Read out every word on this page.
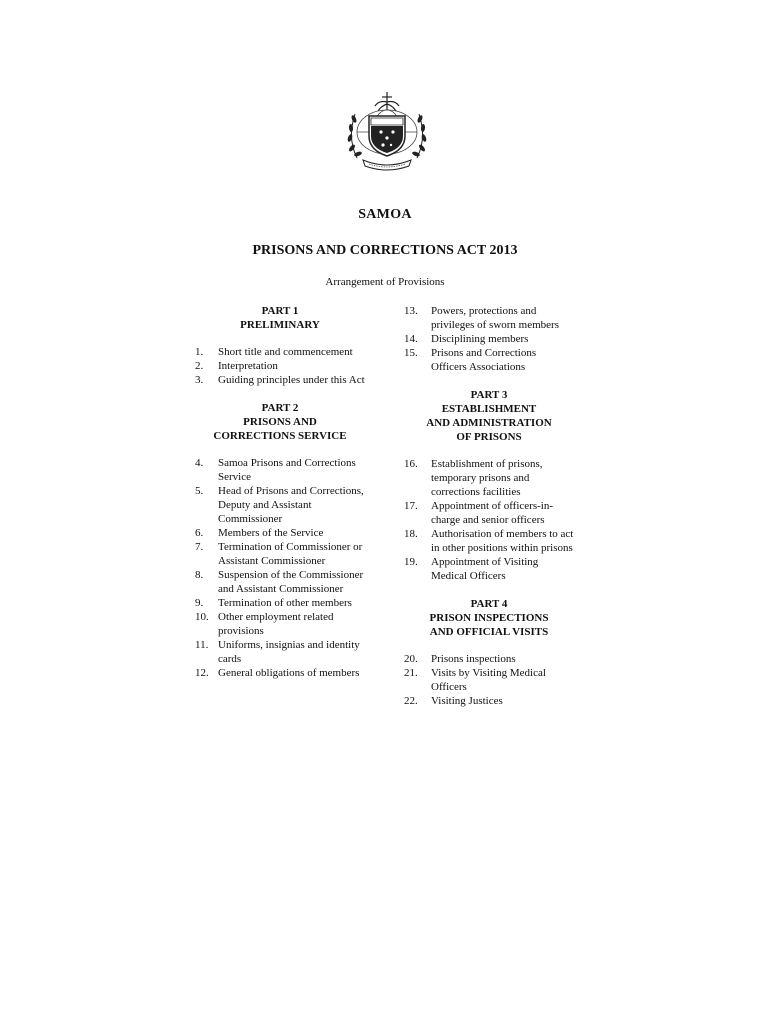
SAMOA
PRISONS AND CORRECTIONS ACT 2013
Arrangement of Provisions
PART 1
PRELIMINARY
1.	Short title and commencement
2.	Interpretation
3.	Guiding principles under this Act
PART 2
PRISONS AND
CORRECTIONS SERVICE
4.	Samoa Prisons and Corrections Service
5.	Head of Prisons and Corrections, Deputy and Assistant Commissioner
6.	Members of the Service
7.	Termination of Commissioner or Assistant Commissioner
8.	Suspension of the Commissioner and Assistant Commissioner
9.	Termination of other members
10. Other employment related provisions
11. Uniforms, insignias and identity cards
12. General obligations of members
13.	Powers, protections and privileges of sworn members
14.	Disciplining members
15.	Prisons and Corrections Officers Associations
PART 3
ESTABLISHMENT
AND ADMINISTRATION
OF PRISONS
16.	Establishment of prisons, temporary prisons and corrections facilities
17.	Appointment of officers-in-charge and senior officers
18.	Authorisation of members to act in other positions within prisons
19.	Appointment of Visiting Medical Officers
PART 4
PRISON INSPECTIONS
AND OFFICIAL VISITS
20.	Prisons inspections
21.	Visits by Visiting Medical Officers
22.	Visiting Justices
